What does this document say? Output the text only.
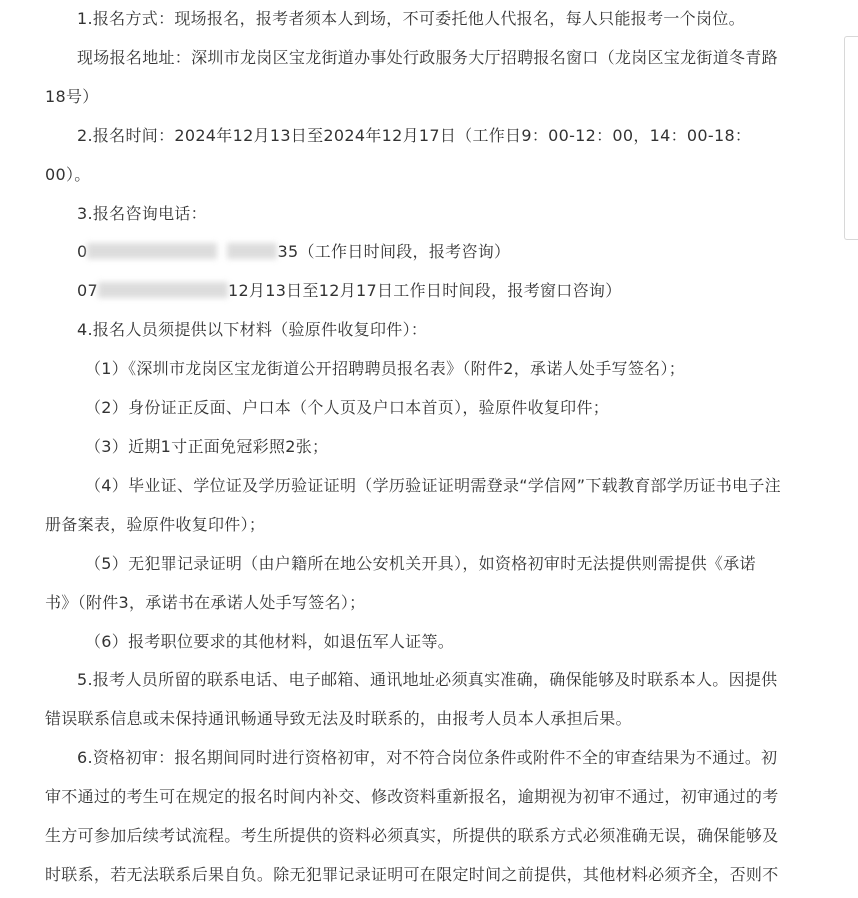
1.报名方式：现场报名，报考者须本人到场，不可委托他人代报名，每人只能报考一个岗位。

现场报名地址：深圳市龙岗区宝龙街道办事处行政服务大厅招聘报名窗口（龙岗区宝龙街道冬青路

18号）

2.报名时间：2024年12月13日至2024年12月17日（工作日9：00-12：00，14：00-18：

00）。

3.报名咨询电话：

0	35（工作日时间段，报考咨询）

07	12月13日至12月17日工作日时间段，报考窗口咨询）

4.报名人员须提供以下材料（验原件收复印件）：

（1）《深圳市龙岗区宝龙街道公开招聘聘员报名表》（附件2，承诺人处手写签名）；

（2）身份证正反面、户口本（个人页及户口本首页），验原件收复印件；

（3）近期1寸正面免冠彩照2张；

（4）毕业证、学位证及学历验证证明（学历验证证明需登录“学信网”下载教育部学历证书电子注

册备案表，验原件收复印件）；

（5）无犯罪记录证明（由户籍所在地公安机关开具），如资格初审时无法提供则需提供《承诺

书》（附件3，承诺书在承诺人处手写签名）；

（6）报考职位要求的其他材料，如退伍军人证等。

5.报考人员所留的联系电话、电子邮箱、通讯地址必须真实准确，确保能够及时联系本人。因提供

错误联系信息或未保持通讯畅通导致无法及时联系的，由报考人员本人承担后果。

6.资格初审：报名期间同时进行资格初审，对不符合岗位条件或附件不全的审查结果为不通过。初

审不通过的考生可在规定的报名时间内补交、修改资料重新报名，逾期视为初审不通过，初审通过的考

生方可参加后续考试流程。考生所提供的资料必须真实，所提供的联系方式必须准确无误，确保能够及

时联系，若无法联系后果自负。除无犯罪记录证明可在限定时间之前提供，其他材料必须齐全，否则不
